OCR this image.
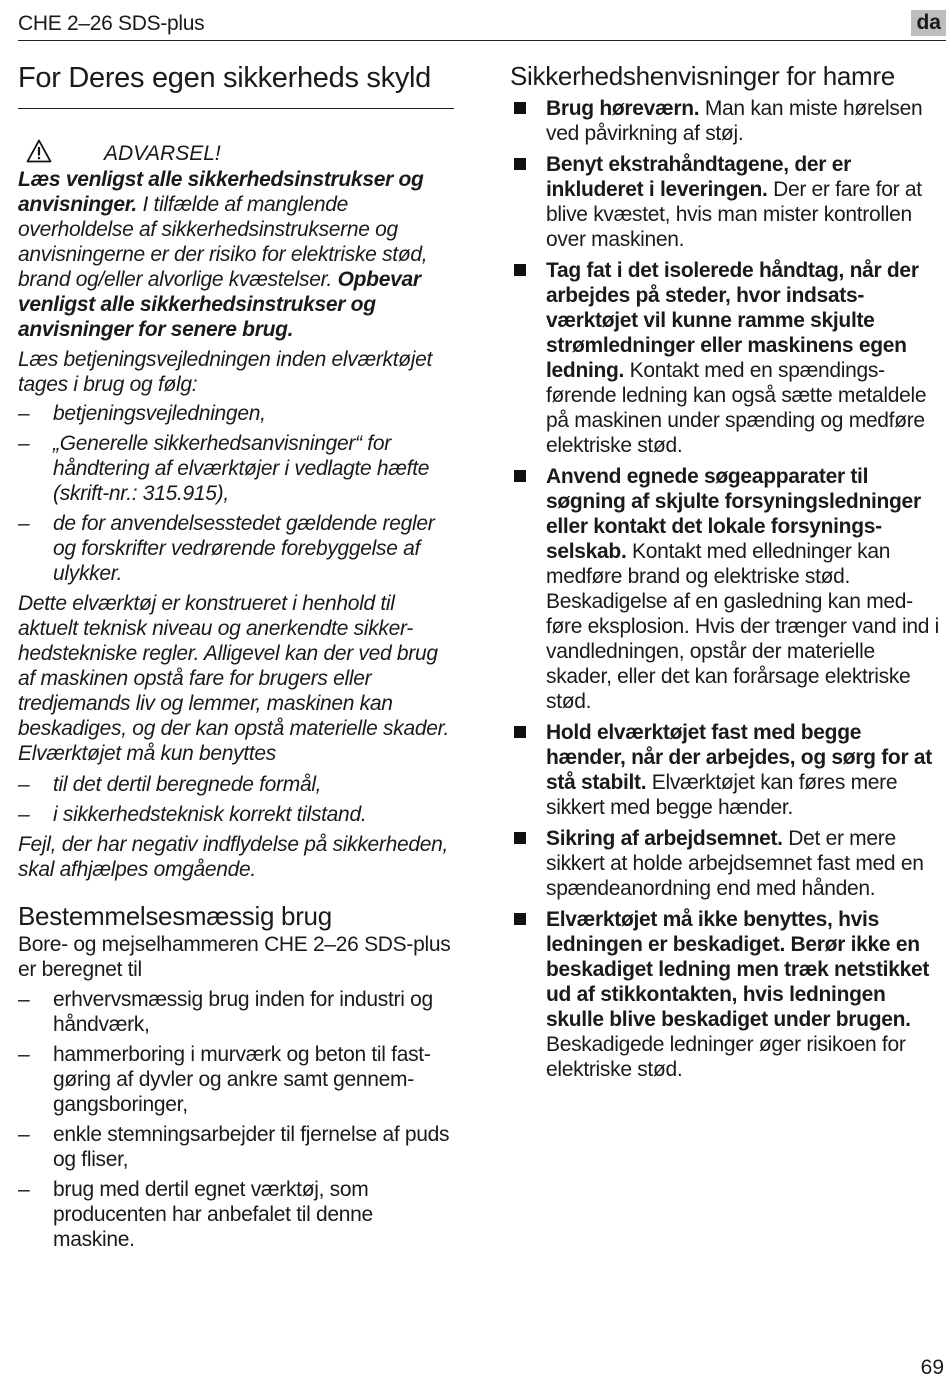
CHE 2–26 SDS-plus	da
For Deres egen sikkerheds skyld
ADVARSEL!

Læs venligst alle sikkerhedsinstrukser og anvisninger. I tilfælde af manglende overholdelse af sikkerhedsinstrukserne og anvisningerne er der risiko for elektriske stød, brand og/eller alvorlige kvæstelser. Opbevar venligst alle sikkerhedsinstrukser og anvisninger for senere brug.

Læs betjeningsvejledningen inden elværktøjet tages i brug og følg:

– betjeningsvejledningen,
– „Generelle sikkerhedsanvisninger“ for håndtering af elværktøjer i vedlagte hæfte (skrift-nr.: 315.915),
– de for anvendelsesstedet gældende regler og forskrifter vedrørende forebyggelse af ulykker.

Dette elværktøj er konstrueret i henhold til aktuelt teknisk niveau og anerkendte sikker-hedstekniske regler. Alligevel kan der ved brug af maskinen opstå fare for brugers eller tredjemands liv og lemmer, maskinen kan beskadiges, og der kan opstå materielle skader. Elværktøjet må kun benyttes

– til det dertil beregnede formål,
– i sikkerhedsteknisk korrekt tilstand.

Fejl, der har negativ indflydelse på sikkerheden, skal afhjælpes omgående.

Bestemmelsesmæssig brug

Bore- og mejselhammeren CHE 2–26 SDS-plus er beregnet til

– erhvervsmæssig brug inden for industri og håndværk,
– hammerboring i murværk og beton til fast-gøring af dyvler og ankre samt gennem-gangsboringer,
– enkle stemningsarbejder til fjernelse af puds og fliser,
– brug med dertil egnet værktøj, som producenten har anbefalet til denne maskine.
Sikkerhedshenvisninger for hamre
Brug høreværn. Man kan miste hørelsen ved påvirkning af støj.
Benyt ekstrahåndtagene, der er inkluderet i leveringen. Der er fare for at blive kvæstet, hvis man mister kontrollen over maskinen.
Tag fat i det isolerede håndtag, når der arbejdes på steder, hvor indsats-værktøjet vil kunne ramme skjulte strømledninger eller maskinens egen ledning. Kontakt med en spændings-førende ledning kan også sætte metaldele på maskinen under spænding og medføre elektriske stød.
Anvend egnede søgeapparater til søgning af skjulte forsyningsledninger eller kontakt det lokale forsynings-selskab. Kontakt med elledninger kan medføre brand og elektriske stød. Beskadigelse af en gasledning kan med-føre eksplosion. Hvis der trænger vand ind i vandledningen, opstår der materielle skader, eller det kan forårsage elektriske stød.
Hold elværktøjet fast med begge hænder, når der arbejdes, og sørg for at stå stabilt. Elværktøjet kan føres mere sikkert med begge hænder.
Sikring af arbejdsemnet. Det er mere sikkert at holde arbejdsemnet fast med en spændeanordning end med hånden.
Elværktøjet må ikke benyttes, hvis ledningen er beskadiget. Berør ikke en beskadiget ledning men træk netstikket ud af stikkontakten, hvis ledningen skulle blive beskadiget under brugen. Beskadigede ledninger øger risikoen for elektriske stød.
69
